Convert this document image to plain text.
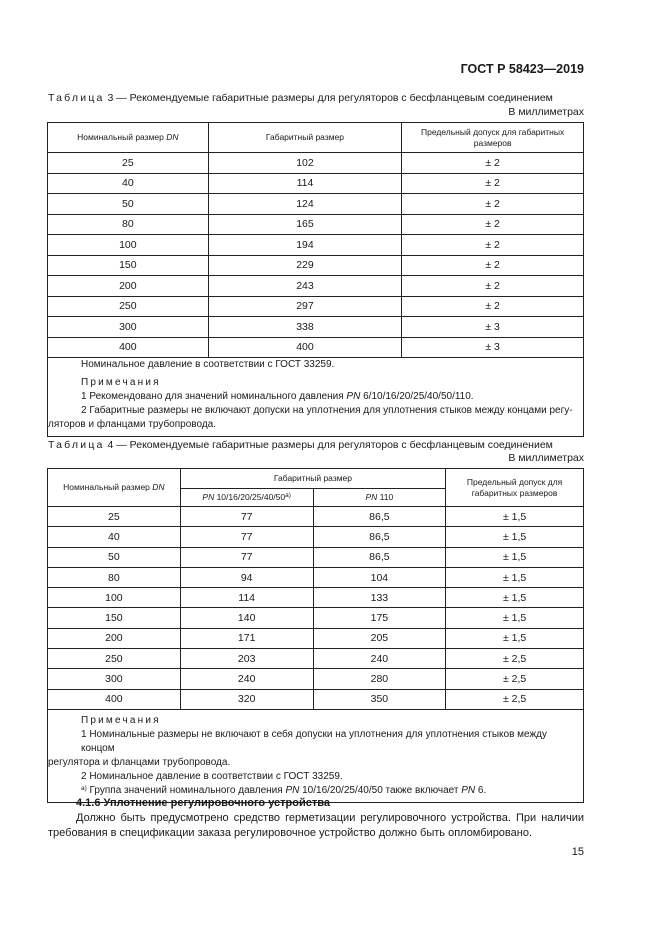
ГОСТ Р 58423—2019
Таблица 3 — Рекомендуемые габаритные размеры для регуляторов с бесфланцевым соединением
В миллиметрах
Номинальный размер DN	Габаритный размер	Предельный допуск для габаритных размеров
25	102	± 2
40	114	± 2
50	124	± 2
80	165	± 2
100	194	± 2
150	229	± 2
200	243	± 2
250	297	± 2
300	338	± 3
400	400	± 3

Номинальное давление в соответствии с ГОСТ 33259.

Примечания

1 Рекомендовано для значений номинального давления PN 6/10/16/20/25/40/50/110.

2 Габаритные размеры не включают допуски на уплотнения для уплотнения стыков между концами регу-
ляторов и фланцами трубопровода.		

Таблица 4 — Рекомендуемые габаритные размеры для регуляторов с бесфланцевым соединением
В миллиметрах
Номинальный размер DN	Габаритный размер		Предельный допуск для габаритных размеров
	PN $10/16/20/25/40/50^{а)}$	PN 110	
25	77	86,5	± 1,5
40	77	86,5	± 1,5
50	77	86,5	± 1,5
80	94	104	± 1,5
100	114	133	± 1,5
150	140	175	± 1,5
200	171	205	± 1,5
250	203	240	± 2,5
300	240	280	± 2,5
400	320	350	± 2,5

Примечания

1 Номинальные размеры не включают в себя допуски на уплотнения для уплотнения стыков между концом
регулятора и фланцами трубопровода.

2 Номинальное давление в соответствии с ГОСТ 33259.

$^{а)}$ Группа значений номинального давления PN 10/16/20/25/40/50 также включает PN 6.			

4.1.6 Уплотнение регулировочного устройства

Должно быть предусмотрено средство герметизации регулировочного устройства. При наличии требования в спецификации заказа регулировочное устройство должно быть опломбировано.

15
